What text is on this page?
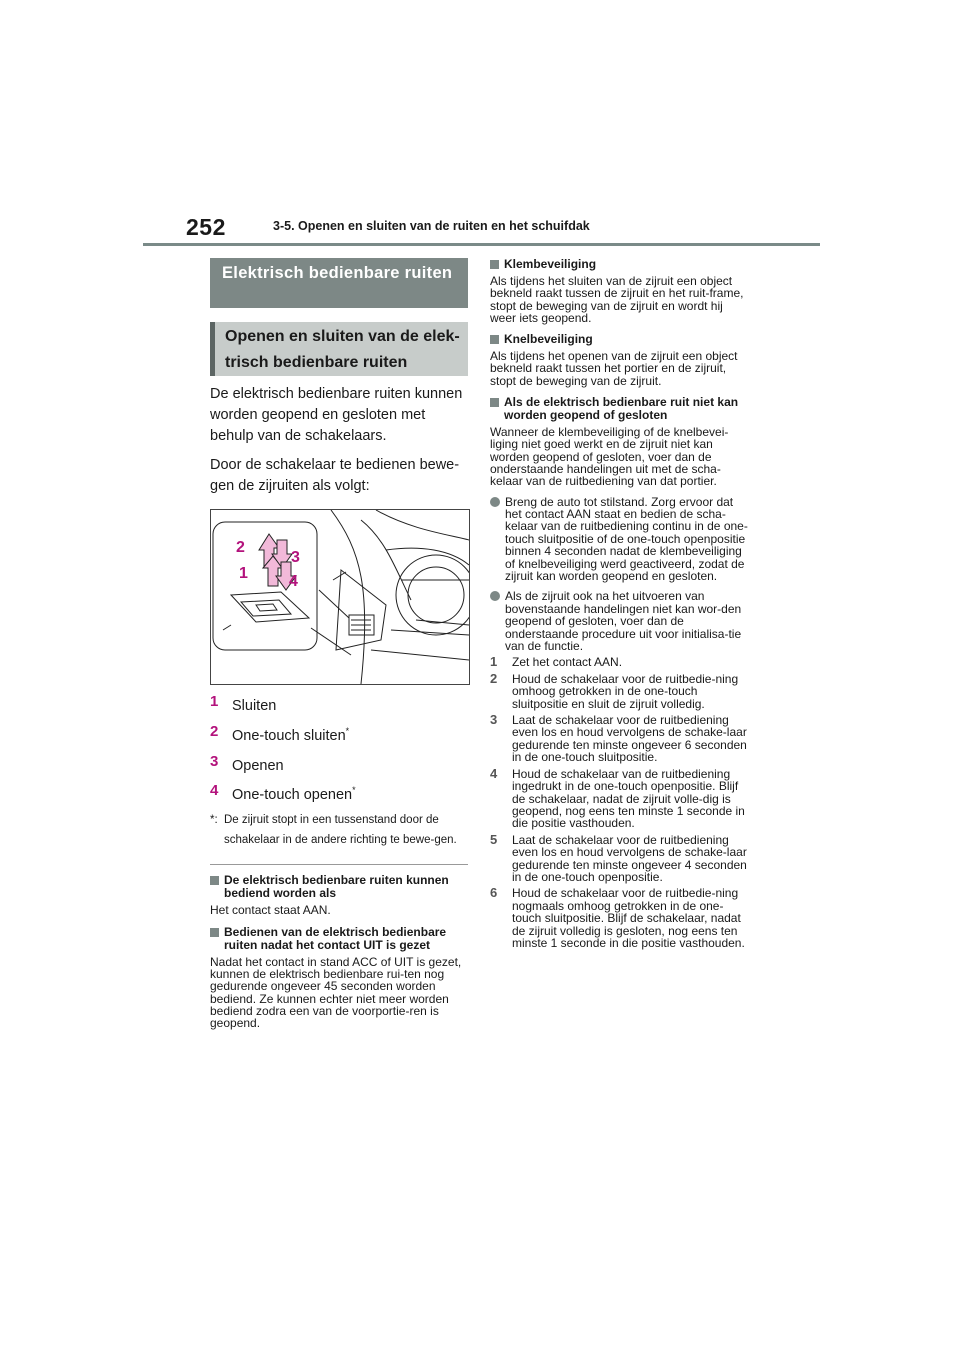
252	3-5. Openen en sluiten van de ruiten en het schuifdak
Elektrisch bedienbare ruiten
Openen en sluiten van de elek-trisch bedienbare ruiten

De elektrisch bedienbare ruiten kunnen worden geopend en gesloten met behulp van de schakelaars.

Door de schakelaar te bedienen bewe-gen de zijruiten als volgt:

2
3
1	4
1 Sluiten
2 One-touch sluiten*
3 Openen
4 One-touch openen*
*: De zijruit stopt in een tussenstand door de schakelaar in de andere richting te bewe-gen.
De elektrisch bedienbare ruiten kunnen bediend worden als

Het contact staat AAN.

Bedienen van de elektrisch bedienbare ruiten nadat het contact UIT is gezet

Nadat het contact in stand ACC of UIT is gezet, kunnen de elektrisch bedienbare rui-ten nog gedurende ongeveer 45 seconden worden bediend. Ze kunnen echter niet meer worden bediend zodra een van de voorportie-ren is geopend.

Klembeveiliging

Als tijdens het sluiten van de zijruit een object bekneld raakt tussen de zijruit en het ruit-frame, stopt de beweging van de zijruit en wordt hij weer iets geopend.

Knelbeveiliging

Als tijdens het openen van de zijruit een object bekneld raakt tussen het portier en de zijruit, stopt de beweging van de zijruit.

Als de elektrisch bedienbare ruit niet kan worden geopend of gesloten

Wanneer de klembeveiliging of de knelbevei-liging niet goed werkt en de zijruit niet kan worden geopend of gesloten, voer dan de onderstaande handelingen uit met de scha-kelaar van de ruitbediening van dat portier.

Breng de auto tot stilstand. Zorg ervoor dat het contact AAN staat en bedien de scha-kelaar van de ruitbediening continu in de one-touch sluitpositie of de one-touch openpositie binnen 4 seconden nadat de klembeveiliging of knelbeveiliging werd geactiveerd, zodat de zijruit kan worden geopend en gesloten.
Als de zijruit ook na het uitvoeren van bovenstaande handelingen niet kan wor-den geopend of gesloten, voer dan de onderstaande procedure uit voor initialisa-tie van de functie.
1	Zet het contact AAN.
2	Houd de schakelaar voor de ruitbedie-ning omhoog getrokken in de one-touch sluitpositie en sluit de zijruit volledig.
3	Laat de schakelaar voor de ruitbediening even los en houd vervolgens de schake-laar gedurende ten minste ongeveer 6 seconden in de one-touch sluitpositie.
4	Houd de schakelaar van de ruitbediening ingedrukt in de one-touch openpositie. Blijf de schakelaar, nadat de zijruit volle-dig is geopend, nog eens ten minste 1 seconde in die positie vasthouden.
5	Laat de schakelaar voor de ruitbediening even los en houd vervolgens de schake-laar gedurende ten minste ongeveer 4 seconden in de one-touch openpositie.
6	Houd de schakelaar voor de ruitbedie-ning nogmaals omhoog getrokken in de one-touch sluitpositie. Blijf de schakelaar, nadat de zijruit volledig is gesloten, nog eens ten minste 1 seconde in die positie vasthouden.
